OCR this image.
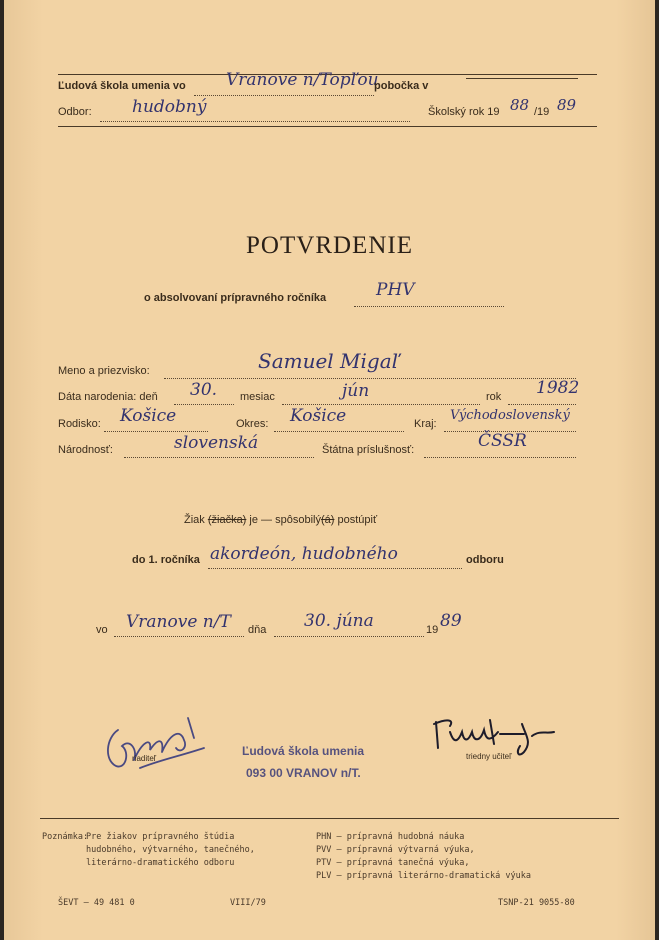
Ľudová škola umenia vo Vranove n/Topľou
pobočka v
Odbor: hudobný	Školský rok 19 88 /19 89
POTVRDENIE
o absolvovaní prípravného ročníka	PHV
Meno a priezvisko:	Samuel Migaľ
Dáta narodenia: deň 30. mesiac	jún	rok 1982
Rodisko: Košice	Okres: Košice	Kraj:
Východoslovenský
Národnosť:	slovenská	Štátna príslušnosť:	ČSSR
Žiak (žiačka) je — spôsobilý(á) postúpiť
do 1. ročníka akordeón, hudobného	odboru
vo Vranove n/T dňa 30. júna	19 89
riaditeľ
Ľudová škola umenia
093 00 VRANOV n/T.
triedny učiteľ
Poznámka:
Pre žiakov prípravného štúdia
hudobného, výtvarného, tanečného,
literárno-dramatického odboru
PHN — prípravná hudobná náuka
PVV — prípravná výtvarná výuka,
PTV — prípravná tanečná výuka,
PLV — prípravná literárno-dramatická výuka
ŠEVT — 49 481 0	VIII/79	TSNP-21 9055-80
